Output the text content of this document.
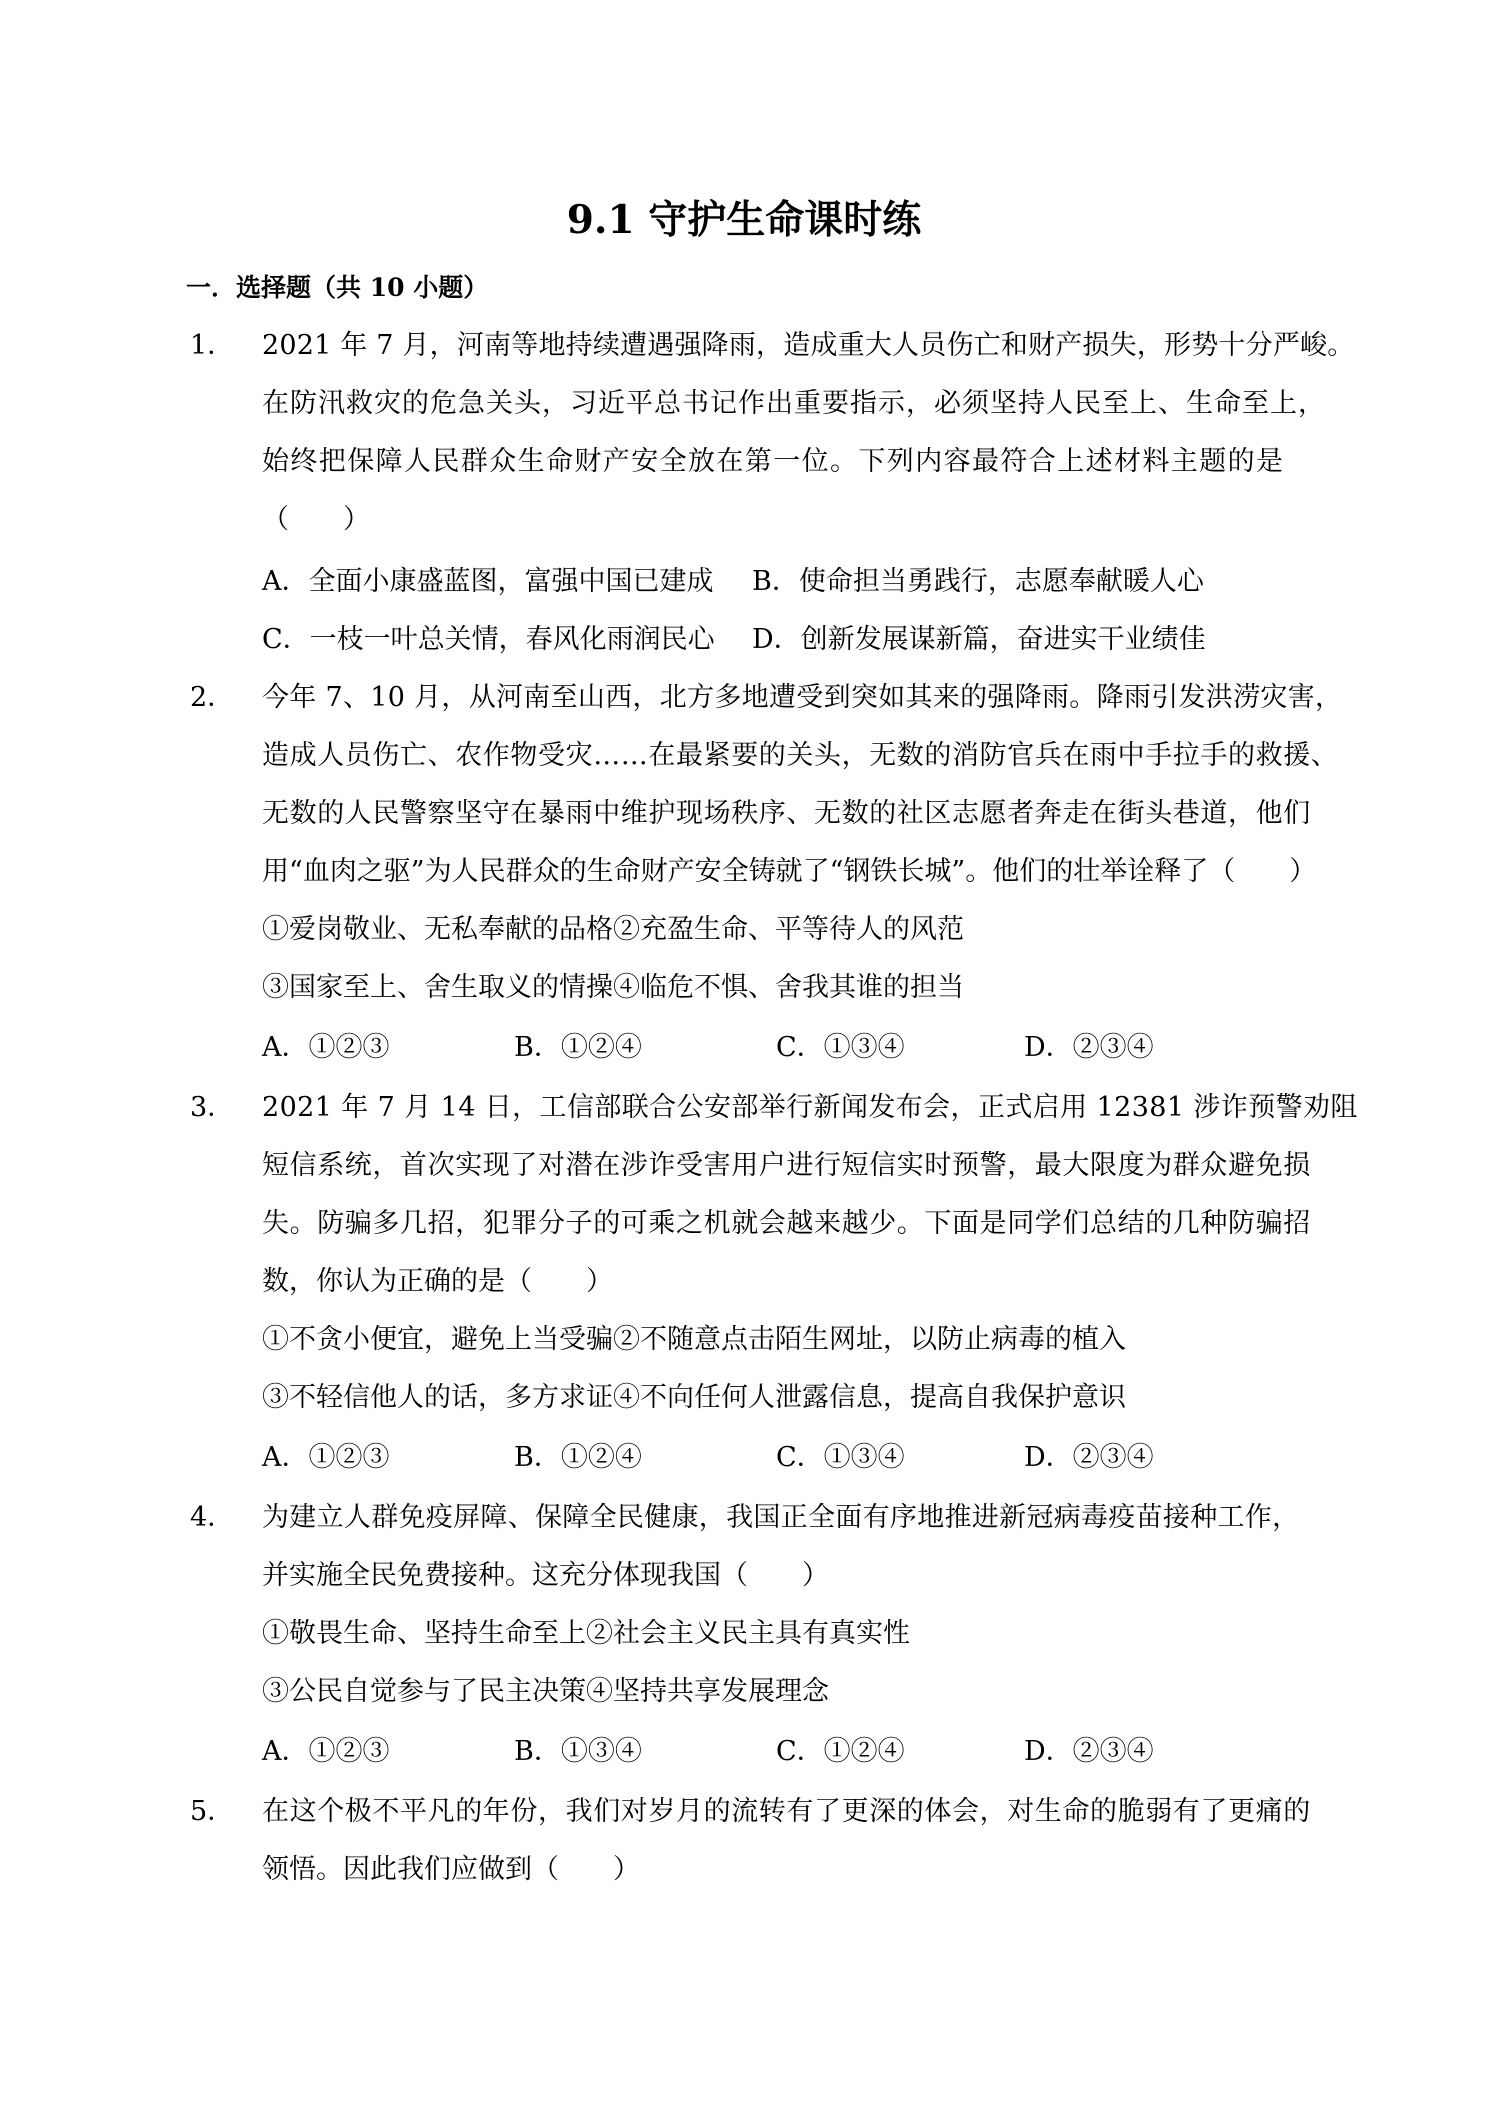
9.1 守护生命课时练
一．选择题（共 10 小题）
1． 2021 年 7 月，河南等地持续遭遇强降雨，造成重大人员伤亡和财产损失，形势十分严峻。
在防汛救灾的危急关头，习近平总书记作出重要指示，必须坚持人民至上、生命至上，
始终把保障人民群众生命财产安全放在第一位。下列内容最符合上述材料主题的是
（　　）
A．全面小康盛蓝图，富强中国已建成 B．使命担当勇践行，志愿奉献暖人心
C．一枝一叶总关情，春风化雨润民心 D．创新发展谋新篇，奋进实干业绩佳
2． 今年 7、10 月，从河南至山西，北方多地遭受到突如其来的强降雨。降雨引发洪涝灾害，
造成人员伤亡、农作物受灾……在最紧要的关头，无数的消防官兵在雨中手拉手的救援、
无数的人民警察坚守在暴雨中维护现场秩序、无数的社区志愿者奔走在街头巷道，他们
用“血肉之驱”为人民群众的生命财产安全铸就了“钢铁长城”。他们的壮举诠释了（　　）
①爱岗敬业、无私奉献的品格②充盈生命、平等待人的风范
③国家至上、舍生取义的情操④临危不惧、舍我其谁的担当
A．①②③	B．①②④	C．①③④	D．②③④
3． 2021 年 7 月 14 日，工信部联合公安部举行新闻发布会，正式启用 12381 涉诈预警劝阻
短信系统，首次实现了对潜在涉诈受害用户进行短信实时预警，最大限度为群众避免损
失。防骗多几招，犯罪分子的可乘之机就会越来越少。下面是同学们总结的几种防骗招
数，你认为正确的是（　　）
①不贪小便宜，避免上当受骗②不随意点击陌生网址，以防止病毒的植入
③不轻信他人的话，多方求证④不向任何人泄露信息，提高自我保护意识
A．①②③	B．①②④	C．①③④	D．②③④
4． 为建立人群免疫屏障、保障全民健康，我国正全面有序地推进新冠病毒疫苗接种工作，
并实施全民免费接种。这充分体现我国（　　）
①敬畏生命、坚持生命至上②社会主义民主具有真实性
③公民自觉参与了民主决策④坚持共享发展理念
A．①②③	B．①③④	C．①②④	D．②③④
5． 在这个极不平凡的年份，我们对岁月的流转有了更深的体会，对生命的脆弱有了更痛的
领悟。因此我们应做到（　　）
